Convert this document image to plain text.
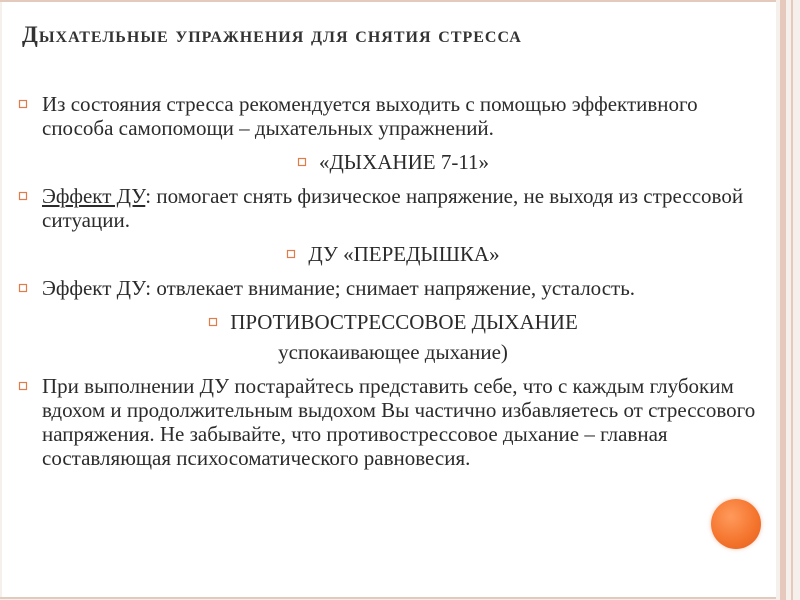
Дыхательные упражнения для снятия стресса
Из состояния стресса рекомендуется выходить с помощью эффективного способа самопомощи – дыхательных упражнений.
«ДЫХАНИЕ 7-11»
Эффект ДУ: помогает снять физическое напряжение, не выходя из стрессовой ситуации.
ДУ «ПЕРЕДЫШКА»
Эффект ДУ: отвлекает внимание; снимает напряжение, усталость.
ПРОТИВОСТРЕССОВОЕ ДЫХАНИЕ
успокаивающее дыхание)
При выполнении ДУ постарайтесь представить себе, что с каждым глубоким вдохом и продолжительным выдохом Вы частично избавляетесь от стрессового напряжения. Не забывайте, что противострессовое дыхание – главная составляющая психосоматического равновесия.
